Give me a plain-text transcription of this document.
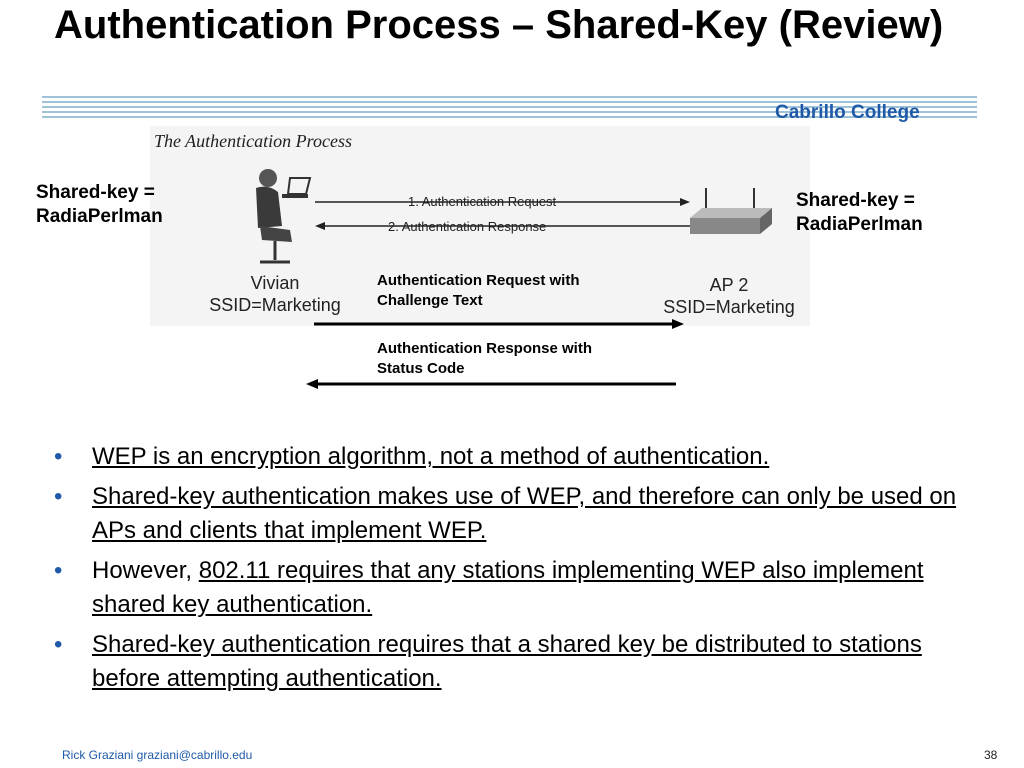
Authentication Process – Shared-Key (Review)
Cabrillo College
The Authentication Process
1. Authentication Request
2. Authentication Response
Shared-key = RadiaPerlman
Shared-key = RadiaPerlman
Vivian
SSID=Marketing
AP 2
SSID=Marketing
Authentication Request with Challenge Text
Authentication Response with Status Code
• WEP is an encryption algorithm, not a method of authentication.
• Shared-key authentication makes use of WEP, and therefore can only be used on APs and clients that implement WEP.
• However, 802.11 requires that any stations implementing WEP also implement shared key authentication.
• Shared-key authentication requires that a shared key be distributed to stations before attempting authentication.
Rick Graziani graziani@cabrillo.edu	38
